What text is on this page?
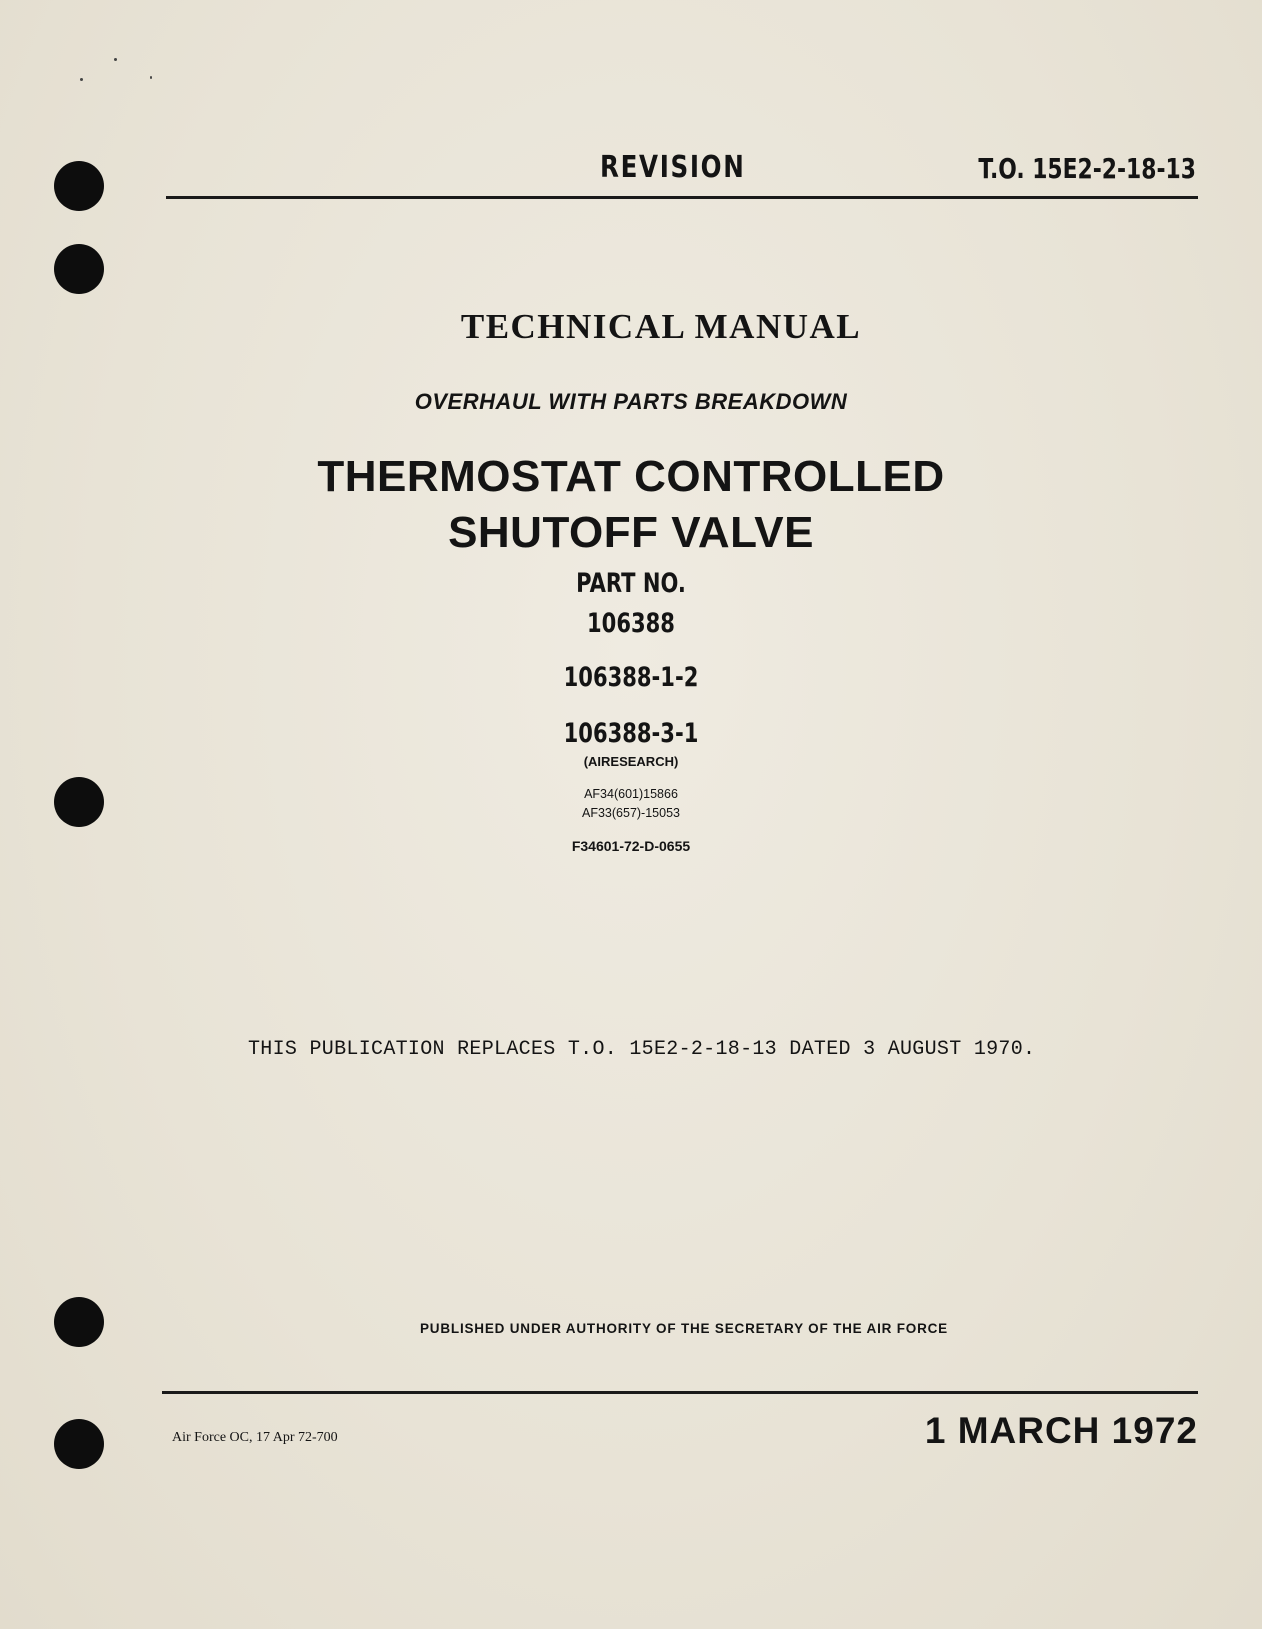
REVISION	T.O. 15E2-2-18-13
TECHNICAL MANUAL
OVERHAUL WITH PARTS BREAKDOWN
THERMOSTAT CONTROLLED
SHUTOFF VALVE
PART NO.
106388
106388-1-2
106388-3-1
(AIRESEARCH)
AF34(601)15866
AF33(657)-15053
F34601-72-D-0655
THIS PUBLICATION REPLACES T.O. 15E2-2-18-13 DATED 3 AUGUST 1970.
PUBLISHED UNDER AUTHORITY OF THE SECRETARY OF THE AIR FORCE
Air Force OC, 17 Apr 72-700	1 MARCH 1972
